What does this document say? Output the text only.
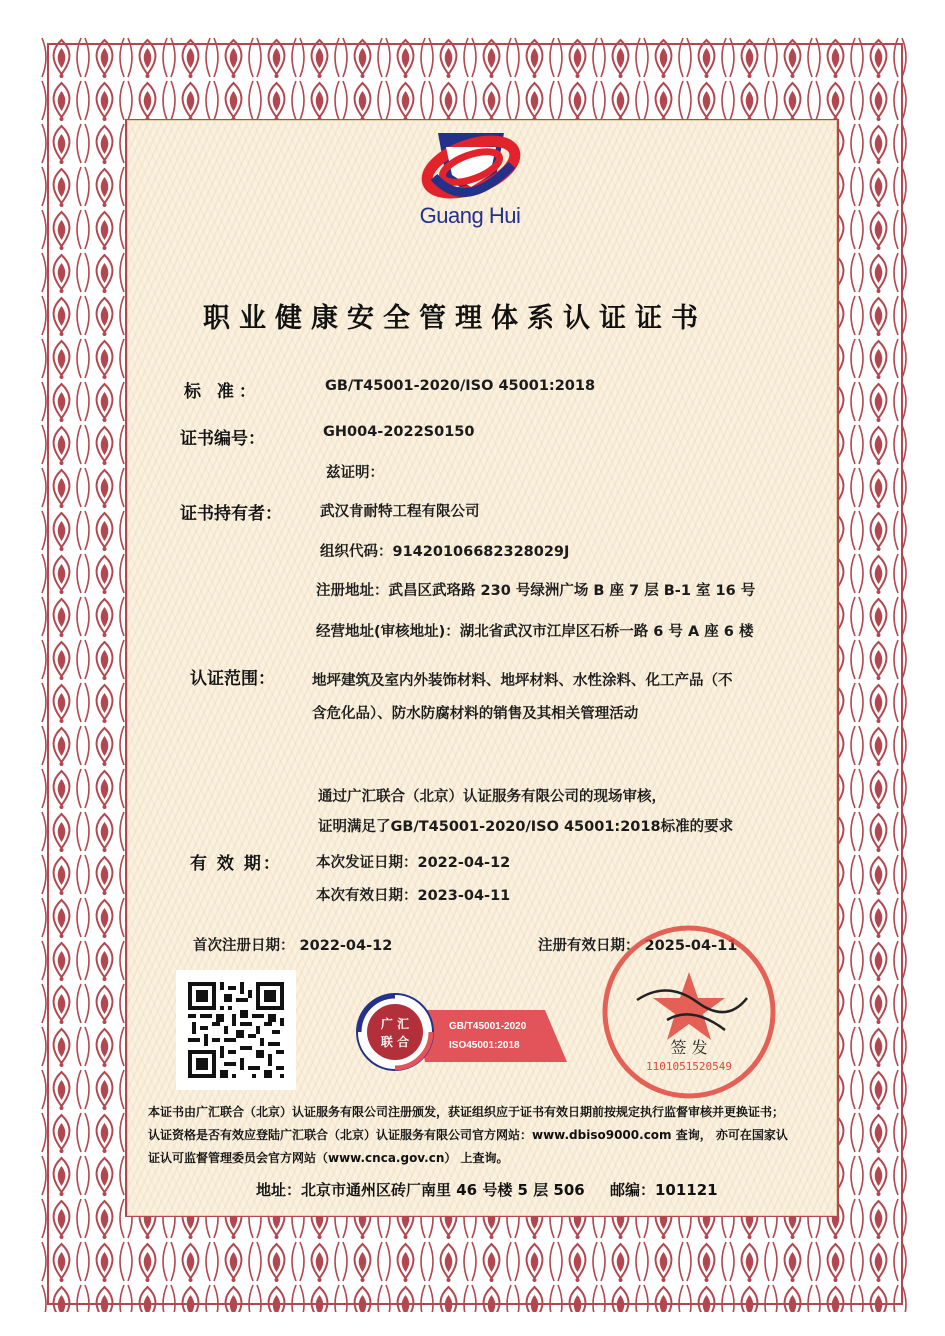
Guang Hui
职业健康安全管理体系认证证书
标 准：	GB/T45001-2020/ISO 45001:2018
证书编号：	GH004-2022S0150
兹证明：
证书持有者：	武汉肯耐特工程有限公司
组织代码：91420106682328029J
注册地址：武昌区武珞路 230 号绿洲广场 B 座 7 层 B-1 室 16 号
经营地址(审核地址)：湖北省武汉市江岸区石桥一路 6 号 A 座 6 楼
认证范围：	地坪建筑及室内外装饰材料、地坪材料、水性涂料、化工产品（不
含危化品）、防水防腐材料的销售及其相关管理活动
通过广汇联合（北京）认证服务有限公司的现场审核，
证明满足了GB/T45001-2020/ISO 45001:2018标准的要求
有 效 期： 本次发证日期：2022-04-12
本次有效日期：2023-04-11
首次注册日期： 2022-04-12	注册有效日期： 2025-04-11
广 汇
联 合
GB/T45001-2020
ISO45001:2018
1101051520549
签 发
本证书由广汇联合（北京）认证服务有限公司注册颁发，获证组织应于证书有效日期前按规定执行监督审核并更换证书；
认证资格是否有效应登陆广汇联合（北京）认证服务有限公司官方网站：www.dbiso9000.com 查询， 亦可在国家认
证认可监督管理委员会官方网站（www.cnca.gov.cn） 上查询。
地址：北京市通州区砖厂南里 46 号楼 5 层 506 邮编：101121
